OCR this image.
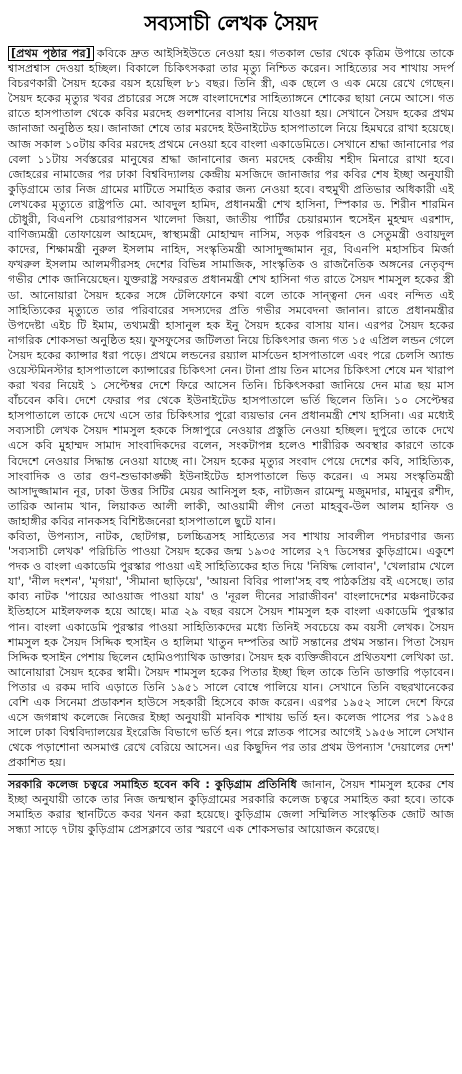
সব্যসাচী লেখক সৈয়দ

[প্রথম পৃষ্ঠার পর] কবিকে দ্রুত আইসিইউতে নেওয়া হয়। গতকাল ভোর থেকে কৃত্রিম উপায়ে তাকে শ্বাসপ্রশ্বাস দেওয়া হচ্ছিল। বিকালে চিকিৎসকরা তার মৃত্যু নিশ্চিত করেন। সাহিত্যের সব শাখায় সদর্প বিচরণকারী সৈয়দ হকের বয়স হয়েছিল ৮১ বছর। তিনি স্ত্রী, এক ছেলে ও এক মেয়ে রেখে গেছেন। সৈয়দ হকের মৃত্যুর খবর প্রচারের সঙ্গে সঙ্গে বাংলাদেশের সাহিত্যাঙ্গনে শোকের ছায়া নেমে আসে। গত রাতে হাসপাতাল থেকে কবির মরদেহ গুলশানের বাসায় নিয়ে যাওয়া হয়। সেখানে সৈয়দ হকের প্রথম জানাজা অনুষ্ঠিত হয়। জানাজা শেষে তার মরদেহ ইউনাইটেড হাসপাতালে নিয়ে হিমঘরে রাখা হয়েছে। আজ সকাল ১০টায় কবির মরদেহ প্রথমে নেওয়া হবে বাংলা একাডেমিতে। সেখানে শ্রদ্ধা জানানোর পর বেলা ১১টায় সর্বস্তরের মানুষের শ্রদ্ধা জানানোর জন্য মরদেহ কেন্দ্রীয় শহীদ মিনারে রাখা হবে। জোহরের নামাজের পর ঢাকা বিশ্ববিদ্যালয় কেন্দ্রীয় মসজিদে জানাজার পর কবির শেষ ইচ্ছা অনুযায়ী কুড়িগ্রামে তার নিজ গ্রামের মাটিতে সমাহিত করার জন্য নেওয়া হবে। বহুমুখী প্রতিভার অধিকারী এই লেখকের মৃত্যুতে রাষ্ট্রপতি মো. আবদুল হামিদ, প্রধানমন্ত্রী শেখ হাসিনা, স্পিকার ড. শিরীন শারমিন চৌধুরী, বিএনপি চেয়ারপারসন খালেদা জিয়া, জাতীয় পার্টির চেয়ারম্যান হুসেইন মুহম্মদ এরশাদ, বাণিজ্যমন্ত্রী তোফায়েল আহমেদ, স্বাস্থ্যমন্ত্রী মোহাম্মদ নাসিম, সড়ক পরিবহন ও সেতুমন্ত্রী ওবায়দুল কাদের, শিক্ষামন্ত্রী নুরুল ইসলাম নাহিদ, সংস্কৃতিমন্ত্রী আসাদুজ্জামান নূর, বিএনপি মহাসচিব মির্জা ফখরুল ইসলাম আলমগীরসহ দেশের বিভিন্ন সামাজিক, সাংস্কৃতিক ও রাজনৈতিক অঙ্গনের নেতৃবৃন্দ গভীর শোক জানিয়েছেন। যুক্তরাষ্ট্র সফররত প্রধানমন্ত্রী শেখ হাসিনা গত রাতে সৈয়দ শামসুল হকের স্ত্রী ডা. আনোয়ারা সৈয়দ হকের সঙ্গে টেলিফোনে কথা বলে তাকে সান্ত্বনা দেন এবং নন্দিত এই সাহিত্যিকের মৃত্যুতে তার পরিবারের সদস্যদের প্রতি গভীর সমবেদনা জানান। রাতে প্রধানমন্ত্রীর উপদেষ্টা এইচ টি ইমাম, তথ্যমন্ত্রী হাসানুল হক ইনু সৈয়দ হকের বাসায় যান। এরপর সৈয়দ হকের নাগরিক শোকসভা অনুষ্ঠিত হয়। ফুসফুসের জটিলতা নিয়ে চিকিৎসার জন্য গত ১৫ এপ্রিল লন্ডন গেলে সৈয়দ হকের ক্যান্সার ধরা পড়ে। প্রথমে লন্ডনের রয়্যাল মার্সডেন হাসপাতালে এবং পরে চেলসি অ্যান্ড ওয়েস্টমিনস্টার হাসপাতালে ক্যান্সারের চিকিৎসা নেন। টানা প্রায় তিন মাসের চিকিৎসা শেষে মন খারাপ করা খবর নিয়েই ১ সেপ্টেম্বর দেশে ফিরে আসেন তিনি। চিকিৎসকরা জানিয়ে দেন মাত্র ছয় মাস বাঁচবেন কবি। দেশে ফেরার পর থেকে ইউনাইটেড হাসপাতালে ভর্তি ছিলেন তিনি। ১০ সেপ্টেম্বর হাসপাতালে তাকে দেখে এসে তার চিকিৎসার পুরো ব্যয়ভার নেন প্রধানমন্ত্রী শেখ হাসিনা। এর মধ্যেই সব্যসাচী লেখক সৈয়দ শামসুল হককে সিঙ্গাপুরে নেওয়ার প্রস্তুতি নেওয়া হচ্ছিল। দুপুরে তাকে দেখে এসে কবি মুহাম্মদ সামাদ সাংবাদিকদের বলেন, সংকটাপন্ন হলেও শারীরিক অবস্থার কারণে তাকে বিদেশে নেওয়ার সিদ্ধান্ত নেওয়া যাচ্ছে না। সৈয়দ হকের মৃত্যুর সংবাদ পেয়ে দেশের কবি, সাহিত্যিক, সাংবাদিক ও তার গুণ-শুভাকাঙ্ক্ষী ইউনাইটেড হাসপাতালে ভিড় করেন। এ সময় সংস্কৃতিমন্ত্রী আসাদুজ্জামান নূর, ঢাকা উত্তর সিটির মেয়র আনিসুল হক, নাট্যজন রামেন্দু মজুমদার, মামুনুর রশীদ, তারিক আনাম খান, লিয়াকত আলী লাকী, আওয়ামী লীগ নেতা মাহবুব-উল আলম হানিফ ও জাহাঙ্গীর কবির নানকসহ বিশিষ্টজনেরা হাসপাতালে ছুটে যান।

কবিতা, উপন্যাস, নাটক, ছোটগল্প, চলচ্চিত্রসহ সাহিত্যের সব শাখায় সাবলীল পদচারণার জন্য 'সব্যসাচী লেখক' পরিচিতি পাওয়া সৈয়দ হকের জন্ম ১৯৩৫ সালের ২৭ ডিসেম্বর কুড়িগ্রামে। একুশে পদক ও বাংলা একাডেমি পুরস্কার পাওয়া এই সাহিত্যিকের হাত দিয়ে 'নিষিদ্ধ লোবান', 'খেলারাম খেলে যা', 'নীল দংশন', 'মৃগয়া', 'সীমানা ছাড়িয়ে', 'আয়না বিবির পালা'সহ বহু পাঠকপ্রিয় বই এসেছে। তার কাব্য নাটক 'পায়ের আওয়াজ পাওয়া যায়' ও 'নূরল দীনের সারাজীবন' বাংলাদেশের মঞ্চনাটকের ইতিহাসে মাইলফলক হয়ে আছে। মাত্র ২৯ বছর বয়সে সৈয়দ শামসুল হক বাংলা একাডেমি পুরস্কার পান। বাংলা একাডেমি পুরস্কার পাওয়া সাহিত্যিকদের মধ্যে তিনিই সবচেয়ে কম বয়সী লেখক। সৈয়দ শামসুল হক সৈয়দ সিদ্দিক হুসাইন ও হালিমা খাতুন দম্পতির আট সন্তানের প্রথম সন্তান। পিতা সৈয়দ সিদ্দিক হুসাইন পেশায় ছিলেন হোমিওপ্যাথিক ডাক্তার। সৈয়দ হক ব্যক্তিজীবনে প্রথিতযশা লেখিকা ডা. আনোয়ারা সৈয়দ হকের স্বামী। সৈয়দ শামসুল হকের পিতার ইচ্ছা ছিল তাকে তিনি ডাক্তারি পড়াবেন। পিতার এ রকম দাবি এড়াতে তিনি ১৯৫১ সালে বোম্বে পালিয়ে যান। সেখানে তিনি বছরখানেকের বেশি এক সিনেমা প্রডাকশন হাউসে সহকারী হিসেবে কাজ করেন। এরপর ১৯৫২ সালে দেশে ফিরে এসে জগন্নাথ কলেজে নিজের ইচ্ছা অনুযায়ী মানবিক শাখায় ভর্তি হন। কলেজ পাসের পর ১৯৫৪ সালে ঢাকা বিশ্ববিদ্যালয়ের ইংরেজি বিভাগে ভর্তি হন। পরে স্নাতক পাসের আগেই ১৯৫৬ সালে সেখান থেকে পড়াশোনা অসমাপ্ত রেখে বেরিয়ে আসেন। এর কিছুদিন পর তার প্রথম উপন্যাস 'দেয়ালের দেশ' প্রকাশিত হয়।

সরকারি কলেজ চত্বরে সমাহিত হবেন কবি : কুড়িগ্রাম প্রতিনিধি জানান, সৈয়দ শামসুল হকের শেষ ইচ্ছা অনুযায়ী তাকে তার নিজ জন্মস্থান কুড়িগ্রামের সরকারি কলেজ চত্বরে সমাহিত করা হবে। তাকে সমাহিত করার স্থানটিতে কবর খনন করা হয়েছে। কুড়িগ্রাম জেলা সম্মিলিত সাংস্কৃতিক জোট আজ সন্ধ্যা সাড়ে ৭টায় কুড়িগ্রাম প্রেসক্লাবে তার স্মরণে এক শোকসভার আয়োজন করেছে।
